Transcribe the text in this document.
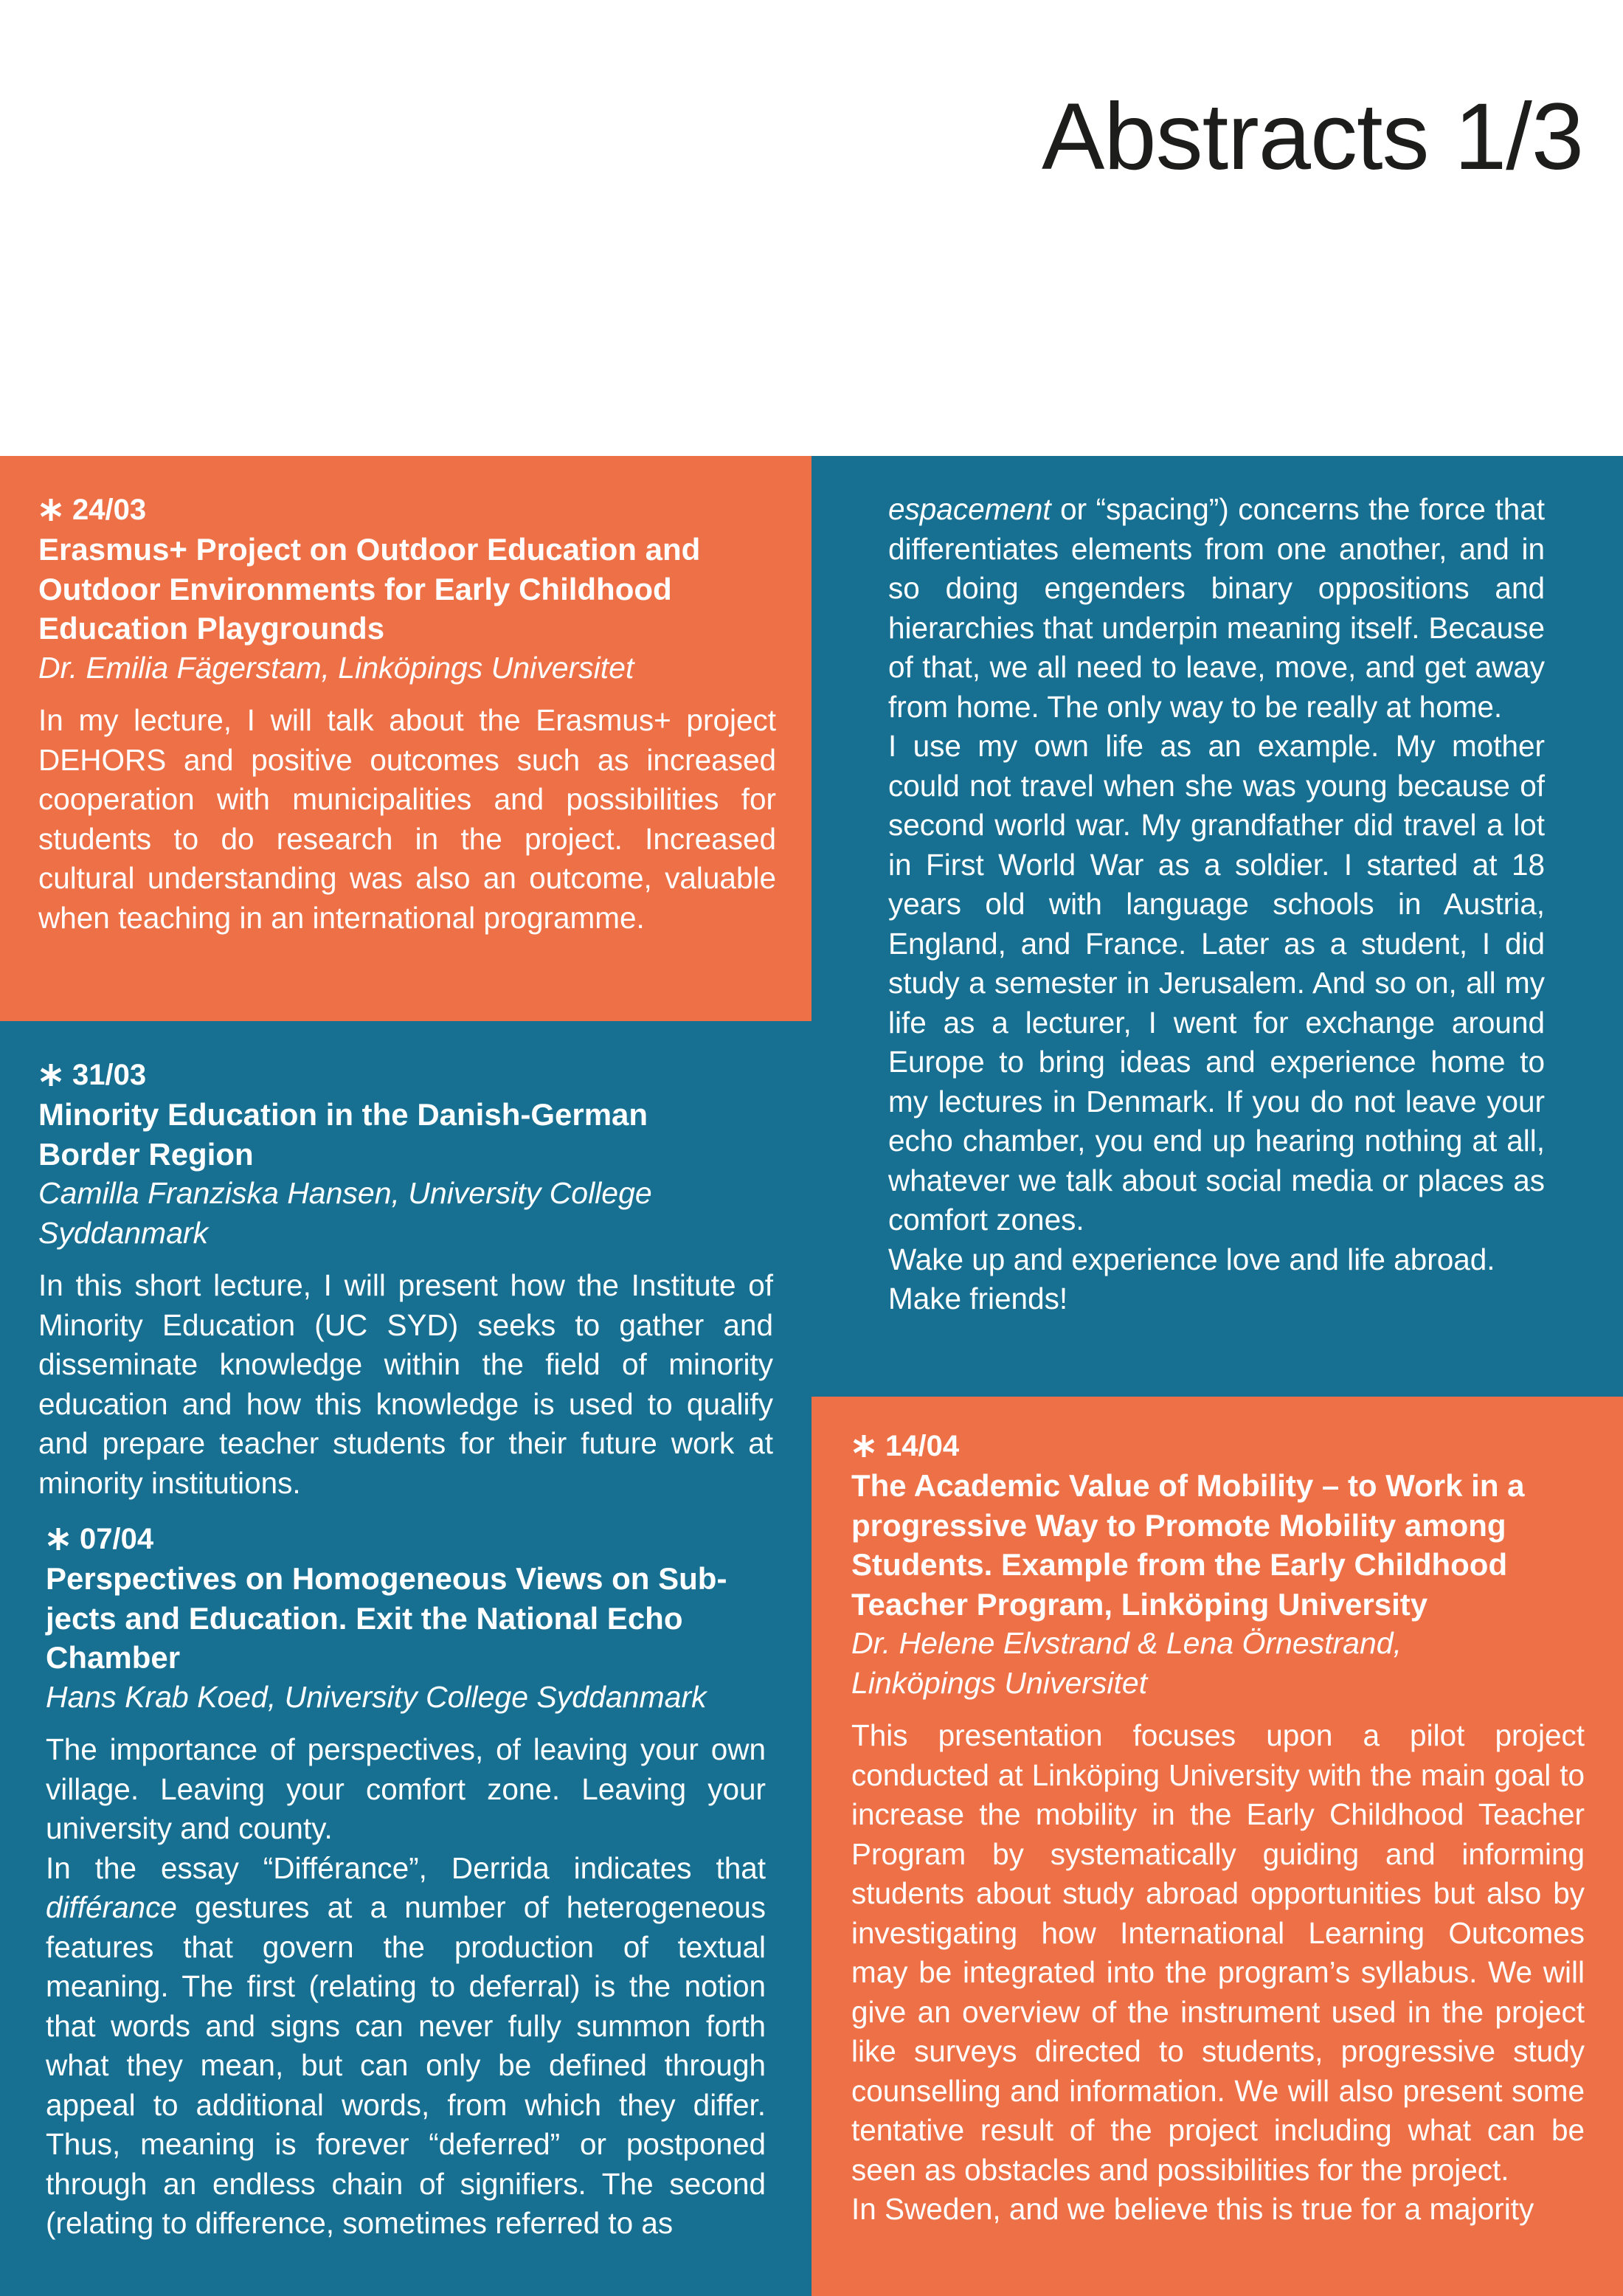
Abstracts 1/3
24/03
Erasmus+ Project on Outdoor Education and Outdoor Environments for Early Childhood Education Playgrounds
Dr. Emilia Fägerstam, Linköpings Universitet

In my lecture, I will talk about the Erasmus+ project DEHORS and positive outcomes such as increased cooperation with municipalities and possibilities for students to do research in the project. Increased cultural understanding was also an outcome, valuable when teaching in an international programme.

31/03
Minority Education in the Danish-German Border Region
Camilla Franziska Hansen, University College Syddanmark

In this short lecture, I will present how the Institute of Minority Education (UC SYD) seeks to gather and disseminate knowledge within the field of minority education and how this knowledge is used to qualify and prepare teacher students for their future work at minority institutions.

07/04
Perspectives on Homogeneous Views on Sub-jects and Education. Exit the National Echo Chamber
Hans Krab Koed, University College Syddanmark

The importance of perspectives, of leaving your own village. Leaving your comfort zone. Leaving your university and county.

In the essay “Différance”, Derrida indicates that différance gestures at a number of heterogeneous features that govern the production of textual meaning. The first (relating to deferral) is the notion that words and signs can never fully summon forth what they mean, but can only be defined through appeal to additional words, from which they differ. Thus, meaning is forever “deferred” or postponed through an endless chain of signifiers. The second (relating to difference, sometimes referred to as

espacement or “spacing”) concerns the force that differentiates elements from one another, and in so doing engenders binary oppositions and hierarchies that underpin meaning itself. Because of that, we all need to leave, move, and get away from home. The only way to be really at home.

I use my own life as an example. My mother could not travel when she was young because of second world war. My grandfather did travel a lot in First World War as a soldier. I started at 18 years old with language schools in Austria, England, and France. Later as a student, I did study a semester in Jerusalem. And so on, all my life as a lecturer, I went for exchange around Europe to bring ideas and experience home to my lectures in Denmark. If you do not leave your echo chamber, you end up hearing nothing at all, whatever we talk about social media or places as comfort zones.

Wake up and experience love and life abroad. Make friends!

14/04
The Academic Value of Mobility – to Work in a progressive Way to Promote Mobility among Students. Example from the Early Childhood Teacher Program, Linköping University
Dr. Helene Elvstrand & Lena Örnestrand, Linköpings Universitet

This presentation focuses upon a pilot project conducted at Linköping University with the main goal to increase the mobility in the Early Childhood Teacher Program by systematically guiding and informing students about study abroad opportunities but also by investigating how International Learning Outcomes may be integrated into the program’s syllabus. We will give an overview of the instrument used in the project like surveys directed to students, progressive study counselling and information. We will also present some tentative result of the project including what can be seen as obstacles and possibilities for the project.

In Sweden, and we believe this is true for a majority
